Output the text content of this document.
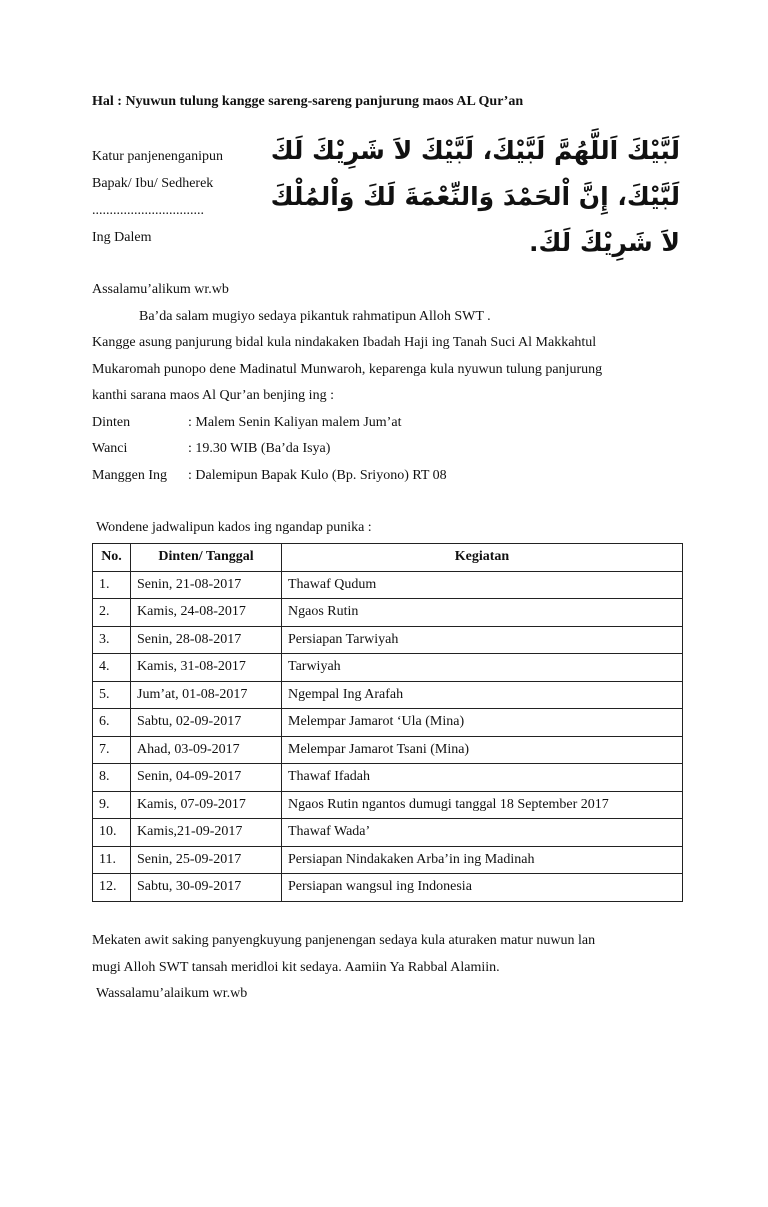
Hal : Nyuwun tulung kangge sareng-sareng panjurung maos AL Qur’an
Katur panjenenganipun
Bapak/ Ibu/ Sedherek
................................
Ing Dalem
لَبَّيْكَ اَللَّهُمَّ لَبَّيْكَ، لَبَّيْكَ لاَ شَرِيْكَ لَكَ
لَبَّيْكَ، إِنَّ اْلحَمْدَ وَالنِّعْمَةَ لَكَ وَاْلمُلْكَ
لاَ شَرِيْكَ لَكَ.
Assalamu’alikum wr.wb
Ba’da salam mugiyo sedaya pikantuk rahmatipun Alloh SWT .
Kangge asung panjurung bidal kula nindakaken Ibadah Haji ing Tanah Suci Al Makkahtul
Mukaromah punopo dene Madinatul Munwaroh, keparenga kula nyuwun tulung panjurung
kanthi sarana maos Al Qur’an benjing ing :
Dinten	: Malem Senin Kaliyan malem Jum’at
Wanci	: 19.30 WIB (Ba’da Isya)
Manggen Ing	: Dalemipun Bapak Kulo (Bp. Sriyono) RT 08
Wondene jadwalipun kados ing ngandap punika :
No.	Dinten/ Tanggal	Kegiatan
1.	Senin, 21-08-2017	Thawaf Qudum
2.	Kamis, 24-08-2017	Ngaos Rutin
3.	Senin, 28-08-2017	Persiapan Tarwiyah
4.	Kamis, 31-08-2017	Tarwiyah
5.	Jum’at, 01-08-2017	Ngempal Ing Arafah
6.	Sabtu, 02-09-2017	Melempar Jamarot ‘Ula (Mina)
7.	Ahad, 03-09-2017	Melempar Jamarot Tsani (Mina)
8.	Senin, 04-09-2017	Thawaf Ifadah
9.	Kamis, 07-09-2017	Ngaos Rutin ngantos dumugi tanggal 18 September 2017
10.	Kamis,21-09-2017	Thawaf Wada’
11.	Senin, 25-09-2017	Persiapan Nindakaken Arba’in ing Madinah
12.	Sabtu, 30-09-2017	Persiapan wangsul ing Indonesia
Mekaten awit saking panyengkuyung panjenengan sedaya kula aturaken matur nuwun lan
mugi Alloh SWT tansah meridloi kit sedaya. Aamiin Ya Rabbal Alamiin.
Wassalamu’alaikum wr.wb
